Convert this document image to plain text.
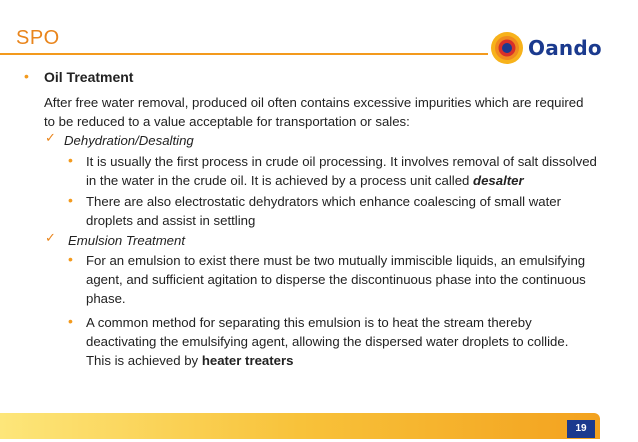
SPO	Oando
• Oil Treatment
After free water removal, produced oil often contains excessive impurities which are required
to be reduced to a value acceptable for transportation or sales:
✓ Dehydration/Desalting
• It is usually the first process in crude oil processing. It involves removal of salt dissolved
in the water in the crude oil. It is achieved by a process unit called desalter
• There are also electrostatic dehydrators which enhance coalescing of small water
droplets and assist in settling
✓ Emulsion Treatment
• For an emulsion to exist there must be two mutually immiscible liquids, an emulsifying
agent, and sufficient agitation to disperse the discontinuous phase into the continuous
phase.
• A common method for separating this emulsion is to heat the stream thereby
deactivating the emulsifying agent, allowing the dispersed water droplets to collide.
This is achieved by heater treaters
19
